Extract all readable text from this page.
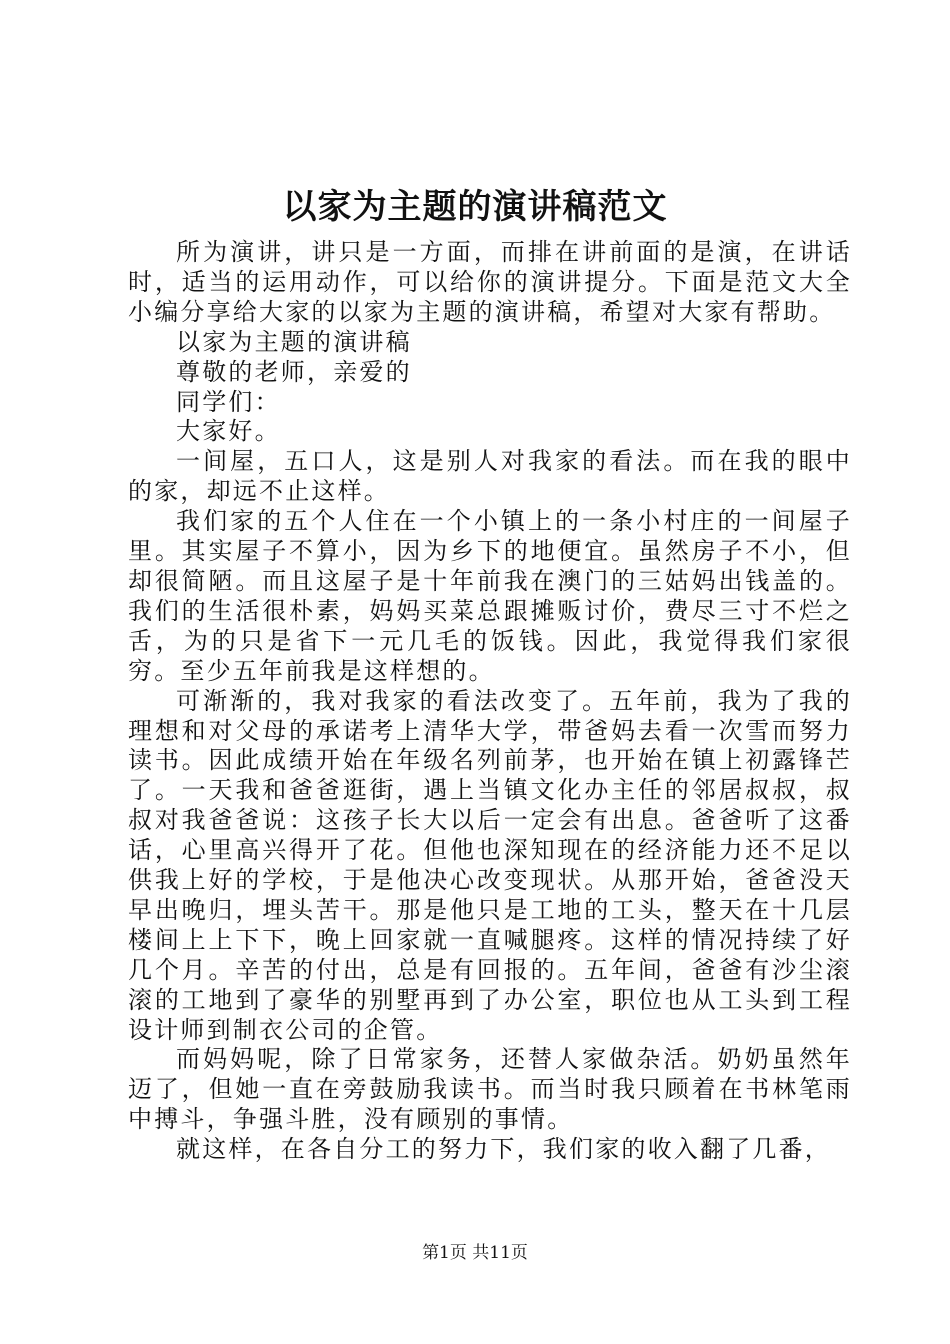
以家为主题的演讲稿范文

所为演讲，讲只是一方面，而排在讲前面的是演，在讲话时，适当的运用动作，可以给你的演讲提分。下面是范文大全小编分享给大家的以家为主题的演讲稿，希望对大家有帮助。

以家为主题的演讲稿

尊敬的老师，亲爱的

同学们：

大家好。

一间屋，五口人，这是别人对我家的看法。而在我的眼中的家，却远不止这样。

我们家的五个人住在一个小镇上的一条小村庄的一间屋子里。其实屋子不算小，因为乡下的地便宜。虽然房子不小，但却很简陋。而且这屋子是十年前我在澳门的三姑妈出钱盖的。我们的生活很朴素，妈妈买菜总跟摊贩讨价，费尽三寸不烂之舌，为的只是省下一元几毛的饭钱。因此，我觉得我们家很穷。至少五年前我是这样想的。

可渐渐的，我对我家的看法改变了。五年前，我为了我的理想和对父母的承诺考上清华大学，带爸妈去看一次雪而努力读书。因此成绩开始在年级名列前茅，也开始在镇上初露锋芒了。一天我和爸爸逛街，遇上当镇文化办主任的邻居叔叔，叔叔对我爸爸说：这孩子长大以后一定会有出息。爸爸听了这番话，心里高兴得开了花。但他也深知现在的经济能力还不足以供我上好的学校，于是他决心改变现状。从那开始，爸爸没天早出晚归，埋头苦干。那是他只是工地的工头，整天在十几层楼间上上下下，晚上回家就一直喊腿疼。这样的情况持续了好几个月。辛苦的付出，总是有回报的。五年间，爸爸有沙尘滚滚的工地到了豪华的别墅再到了办公室，职位也从工头到工程设计师到制衣公司的企管。

而妈妈呢，除了日常家务，还替人家做杂活。奶奶虽然年迈了，但她一直在旁鼓励我读书。而当时我只顾着在书林笔雨中搏斗，争强斗胜，没有顾别的事情。

就这样，在各自分工的努力下，我们家的收入翻了几番，

第1页 共11页
